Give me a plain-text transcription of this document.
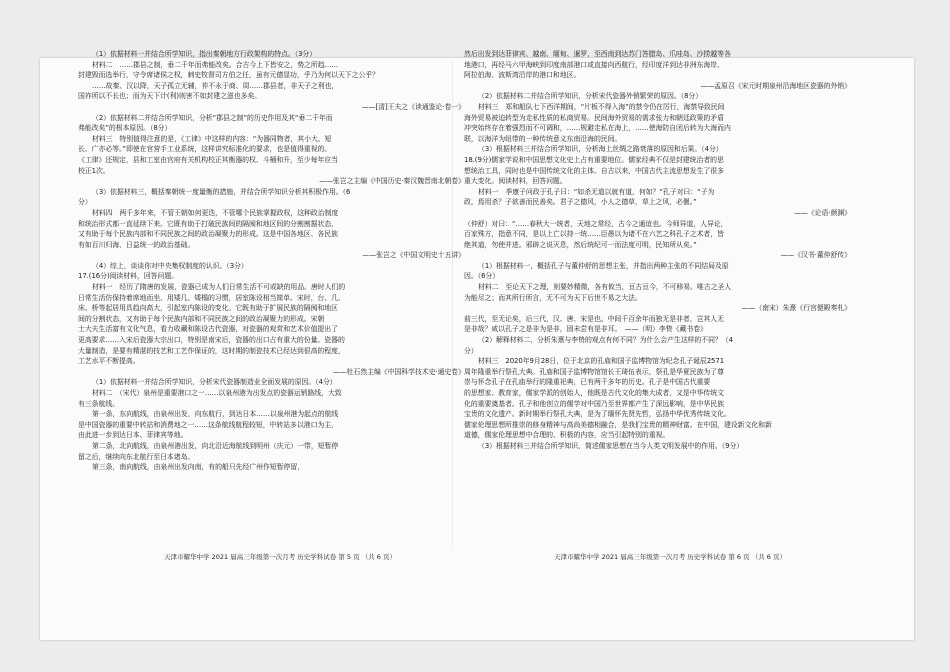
（1）依据材料一并结合所学知识，指出秦朝地方行政架构的特点。（3分）
材料二　……郡县之制，垂二千年而弗能改矣。合古今上下皆安之，势之所趋……
封建毁而选举行，守令席诸侯之权，刺史牧督司方伯之任，虽有元德显功，乎乃为何以天下之公乎？
……故秦、汉以降，天子孤立无辅，祚不永于商、周……郡县者，非天子之利也，
国祚所以不长也；而为天下计(利)则害不如封建之滋也多矣。
——[清]王夫之《读通鉴论·卷一》
（2）依据材料二并结合所学知识，分析“郡县之制”的历史作用及其“垂二千年而
弗能改矣”的根本原因。（8分）
材料三　特别值得注意的是，《工律》中这样的内容：“为器同物者，其小大、短
长、广亦必等。”即使在官营手工业系统，这样讲究标准化的要求，也是值得重视的。
《工律》还规定，县和工室由官府有关机构校正其衡器的权、斗桶和升，至少每年应当
校正1次。
——张岂之主编《中国历史·秦汉魏晋南北朝卷》
（3）依据材料三，概括秦朝统一度量衡的措施，并结合所学知识分析其积极作用。（6
分）
材料四　两千多年来，不管王朝如何更迭，不管哪个民族掌握政权，这种政治制度
和统治形式都一直延续下来。它既有助于打破民族间的隔阂和地区间的分割割据状态，
又有助于每个民族内部和不同民族之间的政治凝聚力的形成。这是中国各地区、各民族
有如百川归海、日益统一的政治基础。
——张岂之《中国文明史十五讲》
（4）综上，谈谈你对中央集权制度的认识。（3分）
17.(16分)阅读材料，回答问题。
材料一　经历了隋唐的发展，瓷器已成为人们日常生活不可或缺的用品。唐时人们的
日常生活仿保持着席地而坐、用矮几、矮榻的习惯，居室陈设相当简单。宋时，台、几、
床、桥等起居用具趋向高大，引起室内陈设的变化。它既有助于扩展民族的隔阂和地区
间的分割状态，又有助于每个民族内部和不同民族之间的政治凝聚力的形成。宋朝
士大夫生活富有文化气息，看力收藏和陈设古代瓷器，对瓷器的观赏和艺术价值提出了
更高要求……入宋后瓷器大宗出口，特别是南宋后，瓷器的出口占有重大的份量。瓷器的
大量制造，是要有精湛的技艺和工艺作保证的，这时期的制瓷技术已经达到很高的程度，
工艺水平不断提高。
——杜石然主编《中国科学技术史·通史卷》
（1）依据材料一并结合所学知识，分析宋代瓷器制造业全面发展的原因。（4分）
材料二　（宋代）泉州是重要港口之一……以泉州港为出发点的瓷器运销路线，大致
有三条航线。
第一条，东向航线，由泉州出发，向东航行，到达日本……以泉州港为起点的航线
是中国瓷器的重要中转站和消费地之一……这条航线航程较短，中转站多以港口为主，
由此进一步到达日本、菲律宾等地。
第二条，北向航线，由泉州港出发，向北沿近海航线到明州（庆元）一带，短暂停
留之后，继续向东北航行至日本诸岛。
第三条，南向航线，由泉州出发向南，有的船只先经广州作短暂停留，
然后出发到达菲律宾、越南、缅甸、暹罗，至西南到达苏门答腊岛、爪哇岛、沙捞越等各
地港口，再经马六甲海峡到印度南部港口或直接向西航行，经印度洋到达非洲东海岸、
阿拉伯海、波斯湾沿岸的港口和地区。
——孟原召《宋元时期泉州沿海地区瓷器的外销》
（2）依据材料二并结合所学知识，分析宋代瓷器外销繁荣的原因。（8分）
材料三　郑和船队七下西洋期间，“片板不得入海”的禁令仍在厉行，海禁导致民间
海外贸易被迫转型为走私性质的私商贸易。民间海外贸易的需求张力和朝廷政策的矛盾
冲突始终存在着强烈而不可调和，……规避走私在海上，……使海防自闭后转为大海而内
联，以海洋为纽带的一种传统意义东南沿海的民间。
（3）根据材料三并结合所学知识，分析海上丝绸之路衰落的原因和后果。（4分）
18.(9分)儒家学说和中国思想文化史上占有重要地位。儒家经典不仅是封建统治者的思
想统治工具，同时也是中国传统文化的主体。自古以来，中国古代主流思想发生了很多
重大变化。阅读材料，回答问题。
材料一　季康子问政于孔子曰：“如杀无道以就有道，何如？”孔子对曰：“子为
政，焉用杀？子欲善而民善矣。君子之德风，小人之德草，草上之风，必偃。”
——《论语·颜渊》
（仲舒）对曰：“……春秋大一统者，天地之常经，古今之通谊也。今师异道，人异论，
百家殊方，指意不同，是以上亡以持一统……臣愚以为诸不在六艺之科孔子之术者，皆
绝其道，勿使并进。邪辟之说灭息，然后统纪可一而法度可明，民知所从矣。”
——《汉书·董仲舒传》
（1）根据材料一，概括孔子与董仲舒的思想主张，并指出两种主张的不同结局及原
因。（6分）
材料二　至论天下之理，则要妙精微，各有攸当，亘古亘今，不可移易。唯古之圣人
为能尽之；而其所行所言，无不可为天下后世不易之大法。
——（南宋）朱熹《行宫便殿奏札》
前三代，至无论矣，后三代，汉、唐、宋是也。中间千百余年而独无是非者，岂其人无
是非哉？咸以孔子之是非为是非，固未尝有是非耳。　——（明）李贽《藏书卷》
（2）解释材料二，分析朱熹与李贽的观点有何不同？为什么会产生这样的不同？（4
分）
材料三　2020年9月28日，位于北京的孔庙和国子监博物馆为纪念孔子诞辰2571
周年隆重举行祭孔大典。孔庙和国子监博物馆馆长王琦伍表示，祭孔是华夏民族为了尊
崇与怀念孔子在孔庙举行的隆重祀典，已有两千多年的历史。孔子是中国古代重要
的思想家、教育家，儒家学派的创始人，他既是古代文化的集大成者，又是中华传统文
化的重要奠基者。孔子和他创立的儒学对中国乃至世界都产生了深远影响，是中华民族
宝贵的文化遗产。新时期举行祭孔大典，是为了缅怀先贤先哲，弘扬中华优秀传统文化。
儒家伦理思想所推崇的修身精神与高尚美德相融合，是我们宝贵的精神财富。在中国，建设新文化和新
道德，儒家伦理思想中合理的、积极的内容，应当引起特别的重视。
（3）根据材料三并结合所学知识，简述儒家思想在当今人类文明发展中的作用。（9分）
天津市耀华中学 2021 届高三年级第一次月考 历史学科试卷 第 5 页 （共 6 页）	天津市耀华中学 2021 届高三年级第一次月考 历史学科试卷 第 6 页 （共 6 页）
